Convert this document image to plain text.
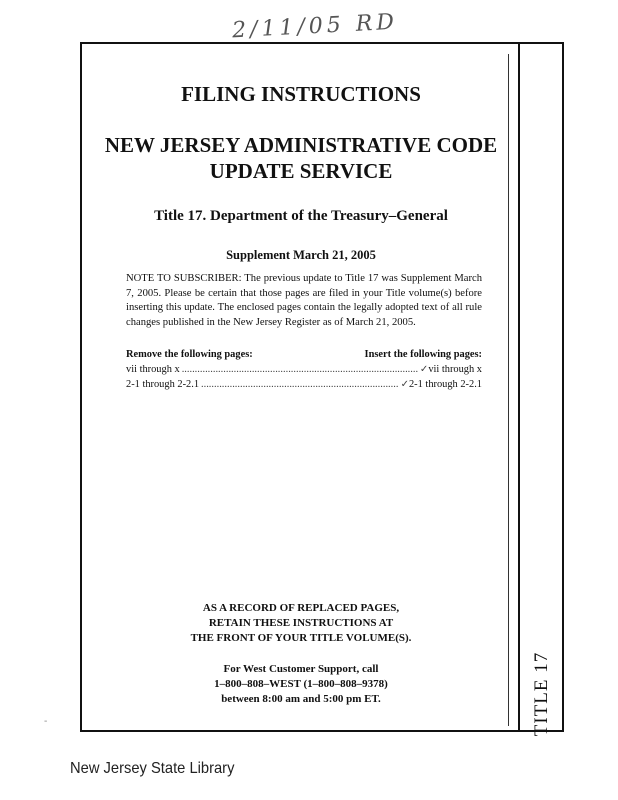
2/11/05 RD
FILING INSTRUCTIONS
NEW JERSEY ADMINISTRATIVE CODE
UPDATE SERVICE
Title 17. Department of the Treasury–General
Supplement March 21, 2005
NOTE TO SUBSCRIBER: The previous update to Title 17 was Supplement March 7, 2005. Please be certain that those pages are filed in your Title volume(s) before inserting this update. The enclosed pages contain the legally adopted text of all rule changes published in the New Jersey Register as of March 21, 2005.
Remove the following pages:	Insert the following pages:
vii through x .....	✓ vii through x
2-1 through 2-2.1 .....	✓ 2-1 through 2-2.1
AS A RECORD OF REPLACED PAGES,
RETAIN THESE INSTRUCTIONS AT
THE FRONT OF YOUR TITLE VOLUME(S).
For West Customer Support, call
1–800–808–WEST (1–800–808–9378)
between 8:00 am and 5:00 pm ET.	TITLE 17
-
New Jersey State Library
